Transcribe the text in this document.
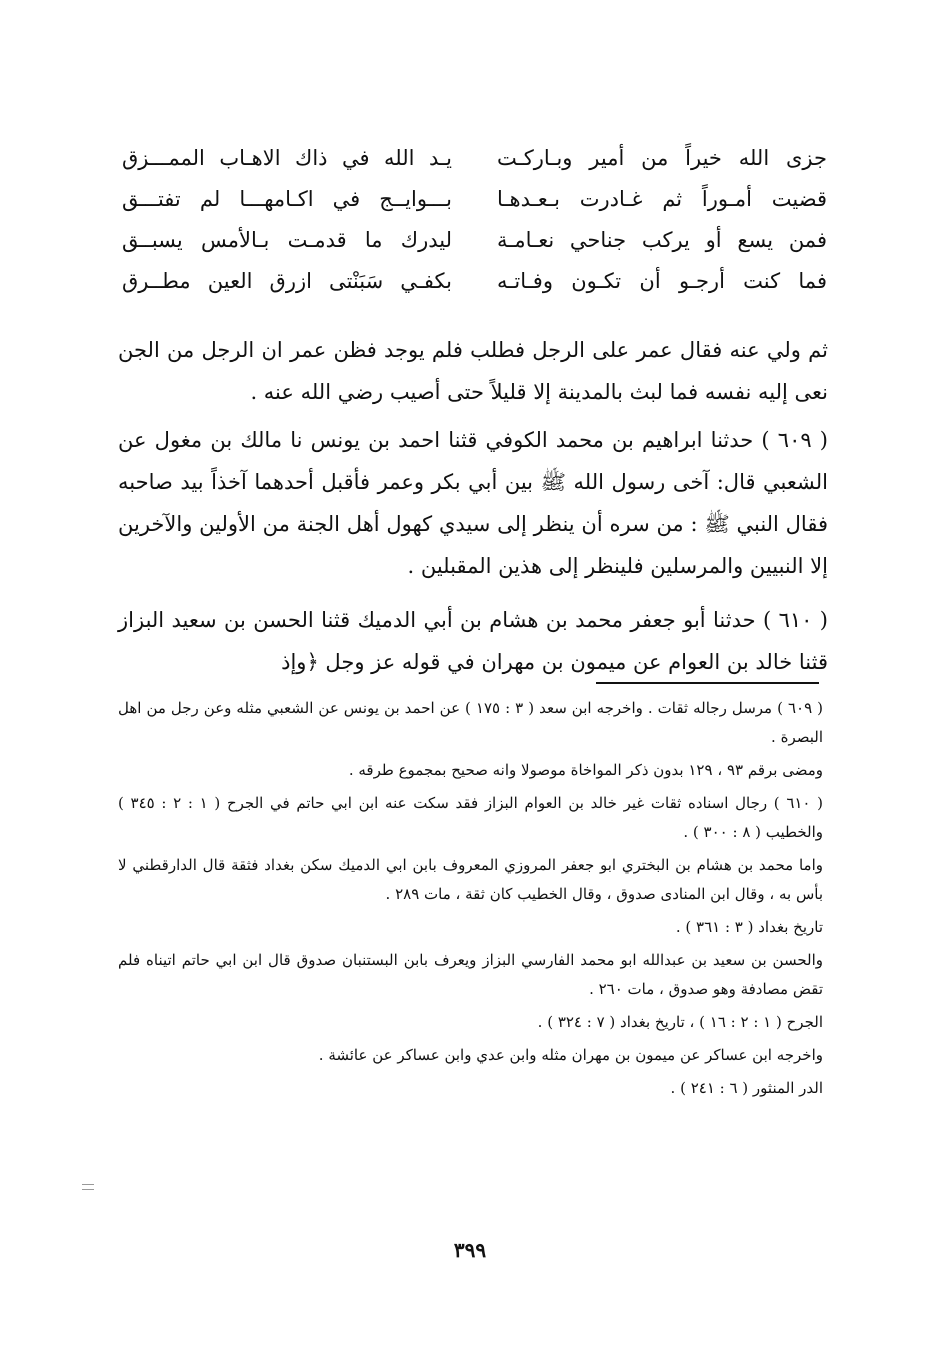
جزى الله خيراً من أمير وبـاركـت
يـد الله في ذاك الاهـاب الممـــزق
قضيت أمـوراً ثم غـادرت بـعـدهـا
بـــوايــج في اكـامهـــا لم تفتـــق
فمن يسع أو يركب جناحي نعـامـة
ليدرك ما قدمـت بـالأمس يسبــق
فما كنت أرجـو أن تكـون وفـاتـه
بكفـي سَبَنْتى ازرق العين مطــرق

ثم ولي عنه فقال عمر على الرجل فطلب فلم يوجد فظن عمر ان الرجل من الجن نعى إليه نفسه فما لبث بالمدينة إلا قليلاً حتى أصيب رضي الله عنه .

( ٦٠٩ ) حدثنا ابراهيم بن محمد الكوفي قثنا احمد بن يونس نا مالك بن مغول عن الشعبي قال: آخى رسول الله ﷺ بين أبي بكر وعمر فأقبل أحدهما آخذاً بيد صاحبه فقال النبي ﷺ : من سره أن ينظر إلى سيدي كهول أهل الجنة من الأولين والآخرين إلا النبيين والمرسلين فلينظر إلى هذين المقبلين .

( ٦١٠ ) حدثنا أبو جعفر محمد بن هشام بن أبي الدميك قثنا الحسن بن سعيد البزاز قثنا خالد بن العوام عن ميمون بن مهران في قوله عز وجل ﴿وإذ

( ٦٠٩ ) مرسل رجاله ثقات . واخرجه ابن سعد ( ٣ : ١٧٥ ) عن احمد بن يونس عن الشعبي مثله وعن رجل من اهل البصرة .

ومضى برقم ٩٣ ، ١٢٩ بدون ذكر المواخاة موصولا وانه صحيح بمجموع طرقه .

( ٦١٠ ) رجال اسناده ثقات غير خالد بن العوام البزاز فقد سكت عنه ابن ابي حاتم في الجرح ( ١ : ٢ : ٣٤٥ ) والخطيب ( ٨ : ٣٠٠ ) .

واما محمد بن هشام بن البختري ابو جعفر المروزي المعروف بابن ابي الدميك سكن بغداد فثقة قال الدارقطني لا بأس به ، وقال ابن المنادى صدوق ، وقال الخطيب كان ثقة ، مات ٢٨٩ .

تاريخ بغداد ( ٣ : ٣٦١ ) .

والحسن بن سعيد بن عبدالله ابو محمد الفارسي البزاز ويعرف بابن البستنبان صدوق قال ابن ابي حاتم اتيناه فلم تقض مصادفة وهو صدوق ، مات ٢٦٠ .

الجرح ( ١ : ٢ : ١٦ ) ، تاريخ بغداد ( ٧ : ٣٢٤ ) .

واخرجه ابن عساكر عن ميمون بن مهران مثله وابن عدي وابن عساكر عن عائشة .

الدر المنثور ( ٦ : ٢٤١ ) .

٣٩٩
